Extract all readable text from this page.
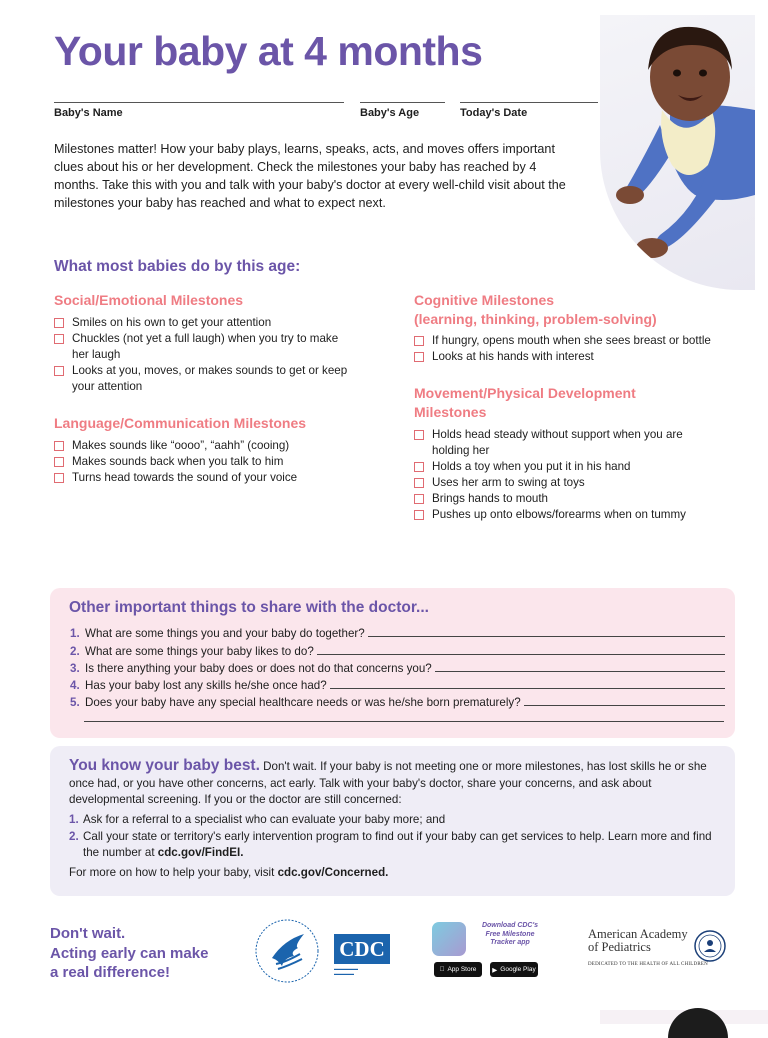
Your baby at 4 months
Baby's Name	Baby's Age	Today's Date

Milestones matter! How your baby plays, learns, speaks, acts, and moves offers important clues about his or her development. Check the milestones your baby has reached by 4 months. Take this with you and talk with your baby's doctor at every well-child visit about the milestones your baby has reached and what to expect next.

What most babies do by this age:
Social/Emotional Milestones
Smiles on his own to get your attention
Chuckles (not yet a full laugh) when you try to make her laugh
Looks at you, moves, or makes sounds to get or keep your attention
Language/Communication Milestones
Makes sounds like “oooo”, “aahh” (cooing)
Makes sounds back when you talk to him
Turns head towards the sound of your voice
Cognitive Milestones
(learning, thinking, problem-solving)
If hungry, opens mouth when she sees breast or bottle
Looks at his hands with interest
Movement/Physical Development
Milestones
Holds head steady without support when you are holding her
Holds a toy when you put it in his hand
Uses her arm to swing at toys
Brings hands to mouth
Pushes up onto elbows/forearms when on tummy
Other important things to share with the doctor...
1. What are some things you and your baby do together?
2. What are some things your baby likes to do?
3. Is there anything your baby does or does not do that concerns you?
4. Has your baby lost any skills he/she once had?
5. Does your baby have any special healthcare needs or was he/she born prematurely?

You know your baby best. Don't wait. If your baby is not meeting one or more milestones, has lost skills he or she once had, or you have other concerns, act early. Talk with your baby's doctor, share your concerns, and ask about developmental screening. If you or the doctor are still concerned:

1. Ask for a referral to a specialist who can evaluate your baby more; and
2. Call your state or territory's early intervention program to find out if your baby can get services to help. Learn more and find the number at cdc.gov/FindEI.

For more on how to help your baby, visit cdc.gov/Concerned.

Don't wait.
Acting early can make
a real difference!

CDC
▬▬▬▬▬▬
▬▬▬▬▬
Download CDC's
Free Milestone
Tracker app
App Store	▶ Google Play
American Academy
of Pediatrics
DEDICATED TO THE HEALTH OF ALL CHILDREN
